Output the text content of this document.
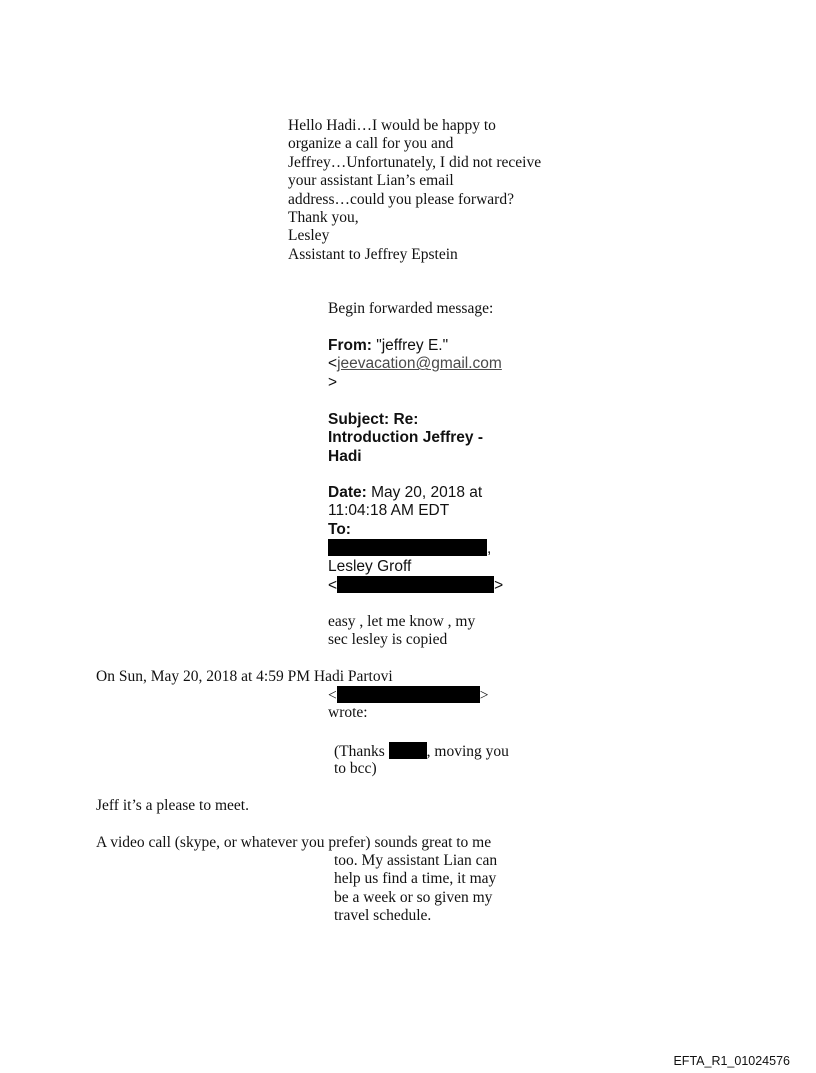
Hello Hadi…I would be happy to
organize a call for you and
Jeffrey…Unfortunately, I did not receive
your assistant Lian’s email
address…could you please forward?
Thank you,
Lesley
Assistant to Jeffrey Epstein
Begin forwarded message:
From: "jeffrey E."
<jeevacation@gmail.com
>
Subject: Re:
Introduction Jeffrey -
Hadi
Date: May 20, 2018 at
11:04:18 AM EDT
To:
,
Lesley Groff
<	>
easy , let me know , my
sec lesley is copied
On Sun, May 20, 2018 at 4:59 PM Hadi Partovi
<	>
wrote:
(Thanks	, moving you
to bcc)
Jeff it’s a please to meet.
A video call (skype, or whatever you prefer) sounds great to me
too. My assistant Lian can
help us find a time, it may
be a week or so given my
travel schedule.
EFTA_R1_01024576
